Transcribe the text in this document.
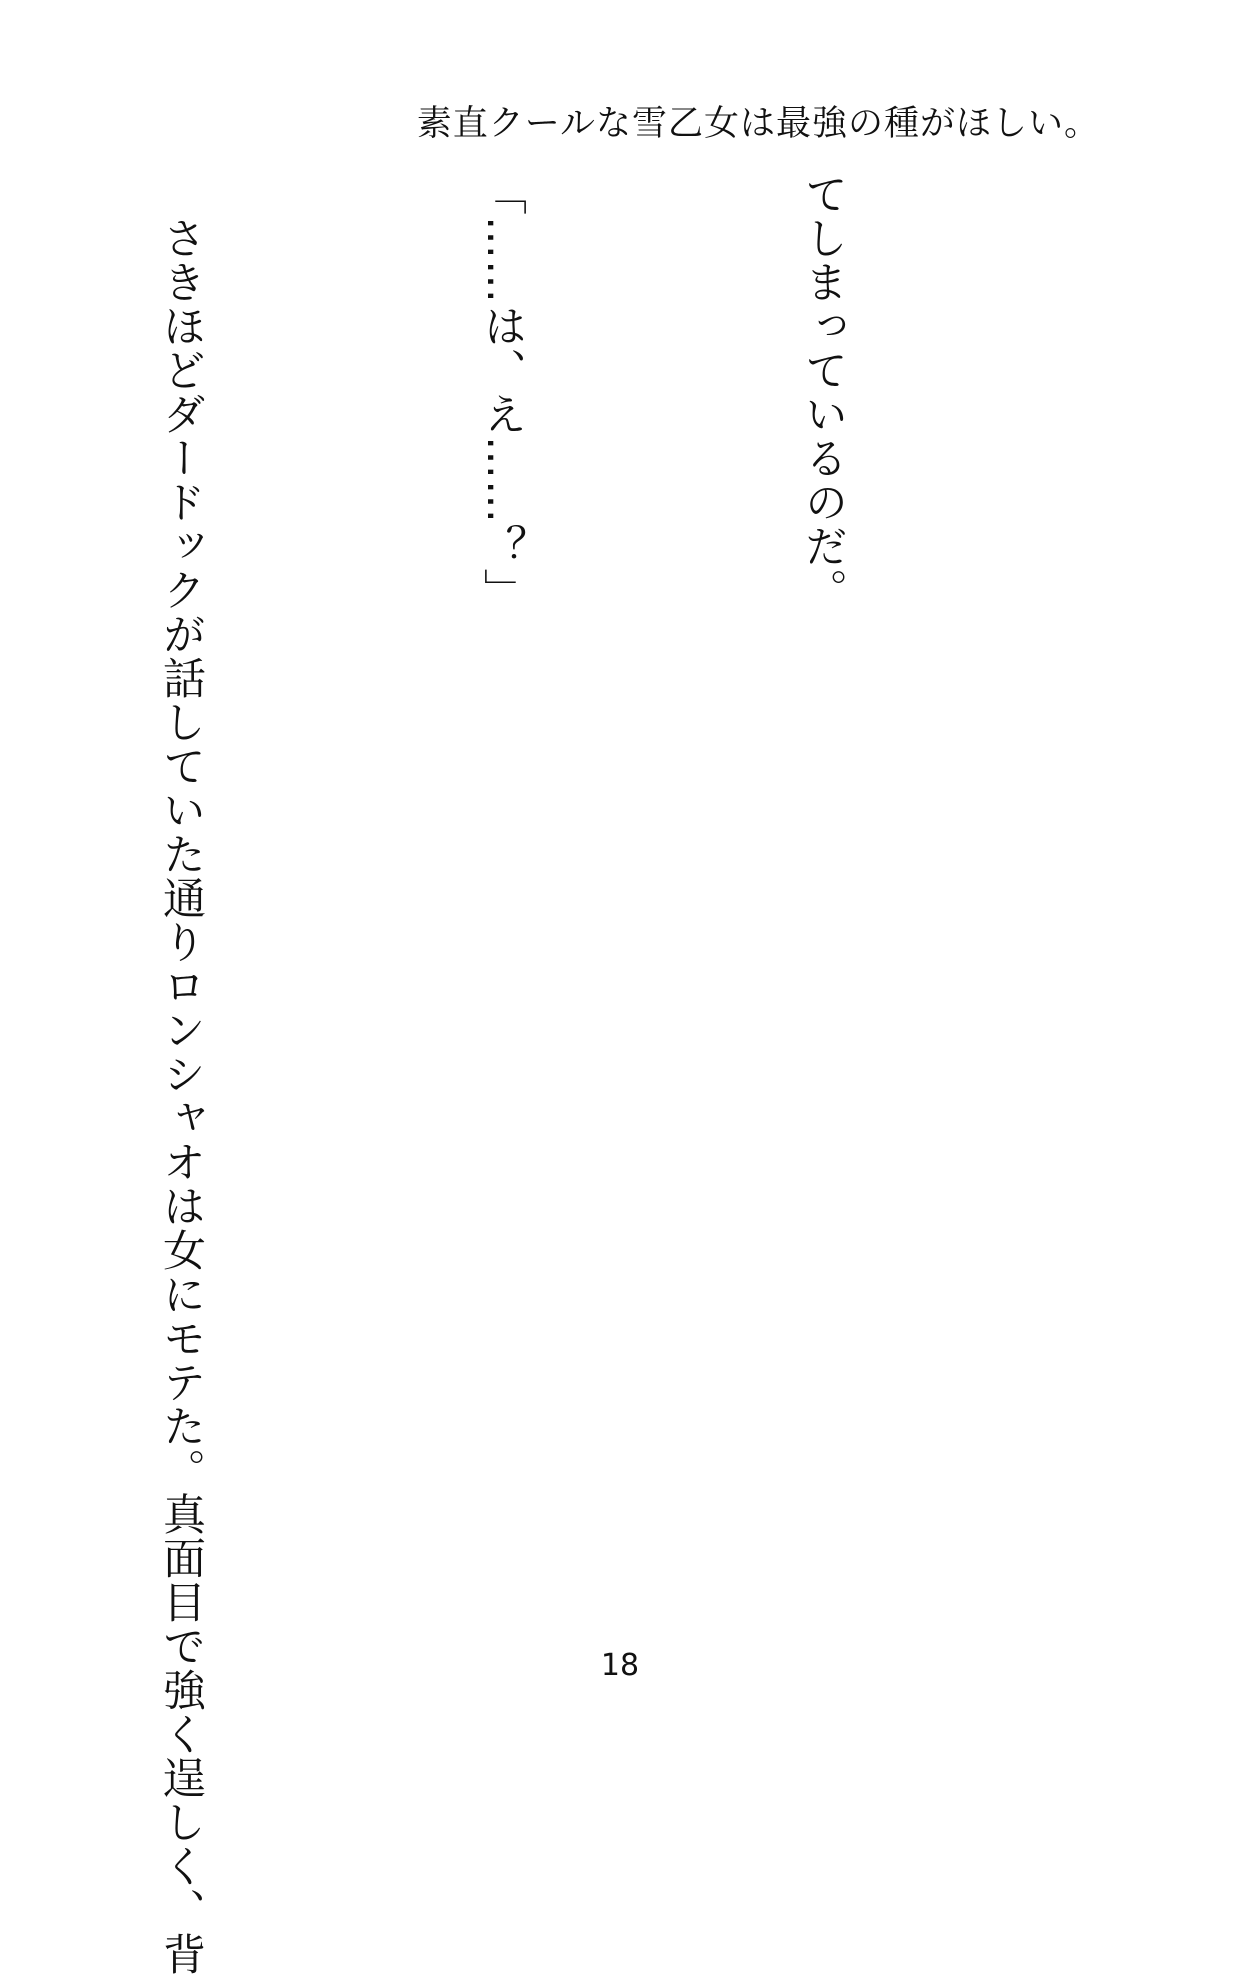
素直クールな雪乙女は最強の種がほしい。

てしまっているのだ。

「……は、え……？」

　さきほどダードックが話していた通りロンシャオは女にモテた。真面目で強く逞しく、背

	18
